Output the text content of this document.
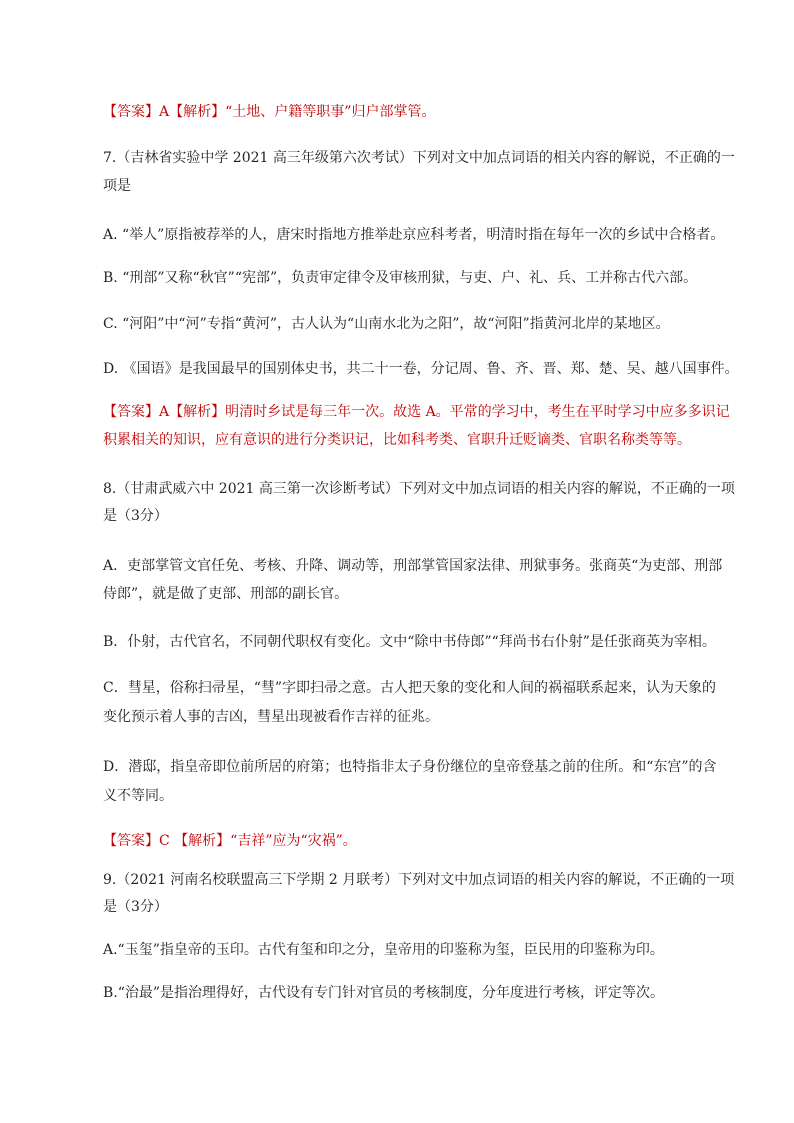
【答案】A【解析】“土地、户籍等职事”归户部掌管。
7.（吉林省实验中学 2021 高三年级第六次考试）下列对文中加点词语的相关内容的解说，不正确的一
项是
A. “举人”原指被荐举的人，唐宋时指地方推举赴京应科考者，明清时指在每年一次的乡试中合格者。
B. “刑部”又称“秋官”“宪部”，负责审定律令及审核刑狱，与吏、户、礼、兵、工并称古代六部。
C. “河阳”中“河”专指“黄河”，古人认为“山南水北为之阳”，故“河阳”指黄河北岸的某地区。
D. 《国语》是我国最早的国别体史书，共二十一卷，分记周、鲁、齐、晋、郑、楚、吴、越八国事件。
【答案】A【解析】明清时乡试是每三年一次。故选 A。平常的学习中，考生在平时学习中应多多识记
积累相关的知识，应有意识的进行分类识记，比如科考类、官职升迁贬谪类、官职名称类等等。
8.（甘肃武威六中 2021 高三第一次诊断考试）下列对文中加点词语的相关内容的解说，不正确的一项
是（3分）
A．吏部掌管文官任免、考核、升降、调动等，刑部掌管国家法律、刑狱事务。张商英“为吏部、刑部
侍郎”，就是做了吏部、刑部的副长官。
B．仆射，古代官名，不同朝代职权有变化。文中“除中书侍郎”“拜尚书右仆射”是任张商英为宰相。
C．彗星，俗称扫帚星，“彗”字即扫帚之意。古人把天象的变化和人间的祸福联系起来，认为天象的
变化预示着人事的吉凶，彗星出现被看作吉祥的征兆。
D．潜邸，指皇帝即位前所居的府第；也特指非太子身份继位的皇帝登基之前的住所。和“东宫”的含
义不等同。
【答案】C 【解析】“吉祥”应为“灾祸”。
9.（2021 河南名校联盟高三下学期 2 月联考）下列对文中加点词语的相关内容的解说，不正确的一项
是（3分）
A.“玉玺”指皇帝的玉印。古代有玺和印之分，皇帝用的印鉴称为玺，臣民用的印鉴称为印。
B.“治最”是指治理得好，古代设有专门针对官员的考核制度，分年度进行考核，评定等次。
